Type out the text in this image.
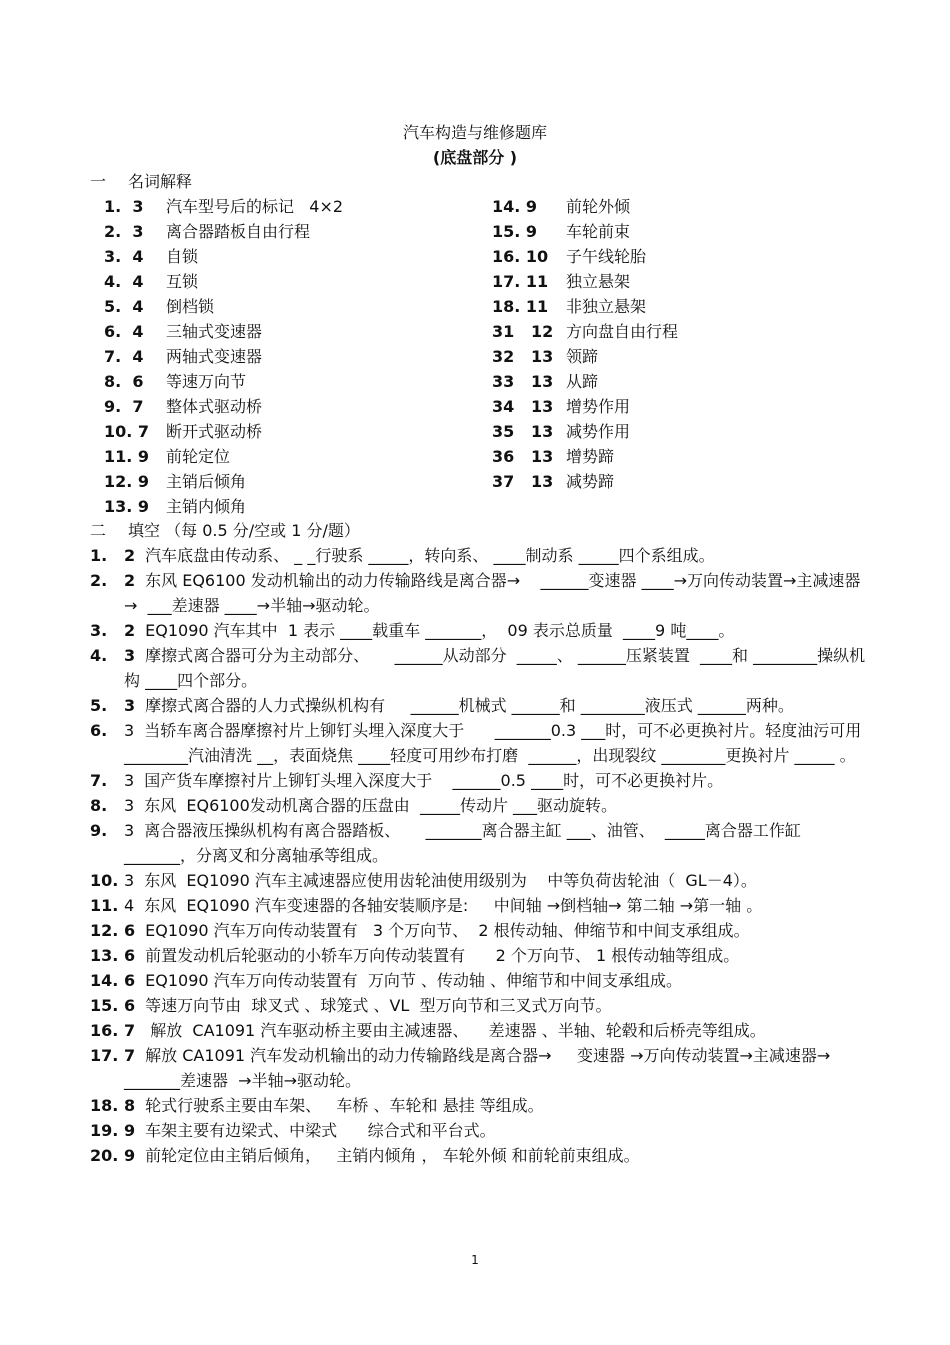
汽车构造与维修题库
(底盘部分 )
一 名词解释
1.  3 汽车型号后的标记   4×2
2.  3 离合器踏板自由行程
3.  4 自锁
4.  4 互锁
5.  4 倒档锁
6.  4 三轴式变速器
7.  4 两轴式变速器
8.  6 等速万向节
9.  7 整体式驱动桥
10. 7 断开式驱动桥
11. 9 前轮定位
12. 9 主销后倾角
13. 9 主销内倾角
14. 9 前轮外倾
15. 9 车轮前束
16. 10 子午线轮胎
17. 11 独立悬架
18. 11 非独立悬架
31   12 方向盘自由行程
32   13 领蹄
33   13 从蹄
34   13 增势作用
35   13 减势作用
36   13 增势蹄
37   13 减势蹄
二 填空 （每 0.5 分/空或 1 分/题）
1.	2 汽车底盘由传动系、 _ _行驶系 _____，转向系、 ____制动系 _____四个系组成。
2.	2 东风 EQ6100 发动机输出的动力传输路线是离合器→    ______变速器 ____→万向传动装置→主减速器→  ___差速器 ____→半轴→驱动轮。
3.	2 EQ1090 汽车其中  1 表示 ____载重车 _______，  09 表示总质量  ____9 吨____。
4.	3 摩擦式离合器可分为主动部分、     ______从动部分  _____、 ______压紧装置  ____和 ________操纵机构 ____四个部分。
5.	3 摩擦式离合器的人力式操纵机构有     ______机械式 ______和 ________液压式 ______两种。
6.	3 当轿车离合器摩擦衬片上铆钉头埋入深度大于      _______0.3 ___时，可不必更换衬片。轻度油污可用 ________汽油清洗 __，表面烧焦 ____轻度可用纱布打磨  ______，出现裂纹 ________更换衬片 _____ 。
7.	3 国产货车摩擦衬片上铆钉头埋入深度大于    ______0.5 ____时，可不必更换衬片。
8.	3 东风  EQ6100发动机离合器的压盘由  _____传动片 ___驱动旋转。
9.	3 离合器液压操纵机构有离合器踏板、     _______离合器主缸 ___、油管、  _____离合器工作缸 _______，分离叉和分离轴承等组成。
10. 3 东风  EQ1090 汽车主减速器应使用齿轮油使用级别为    中等负荷齿轮油（  GL－4）。
11. 4 东风  EQ1090 汽车变速器的各轴安装顺序是:     中间轴 →倒档轴→ 第二轴 →第一轴 。
12. 6 EQ1090 汽车万向传动装置有   3 个万向节、  2 根传动轴、伸缩节和中间支承组成。
13. 6 前置发动机后轮驱动的小轿车万向传动装置有      2 个万向节、 1 根传动轴等组成。
14. 6 EQ1090 汽车万向传动装置有  万向节 、传动轴 、伸缩节和中间支承组成。
15. 6 等速万向节由  球叉式 、球笼式 、VL  型万向节和三叉式万向节。
16. 7 解放  CA1091 汽车驱动桥主要由主减速器、    差速器 、半轴、轮毂和后桥壳等组成。
17. 7 解放 CA1091 汽车发动机输出的动力传输路线是离合器→     变速器 →万向传动装置→主减速器→ _______差速器  →半轴→驱动轮。
18. 8 轮式行驶系主要由车架、   车桥 、车轮和 悬挂 等组成。
19. 9 车架主要有边梁式、中梁式      综合式和平台式。
20. 9 前轮定位由主销后倾角，   主销内倾角 ， 车轮外倾 和前轮前束组成。
1
